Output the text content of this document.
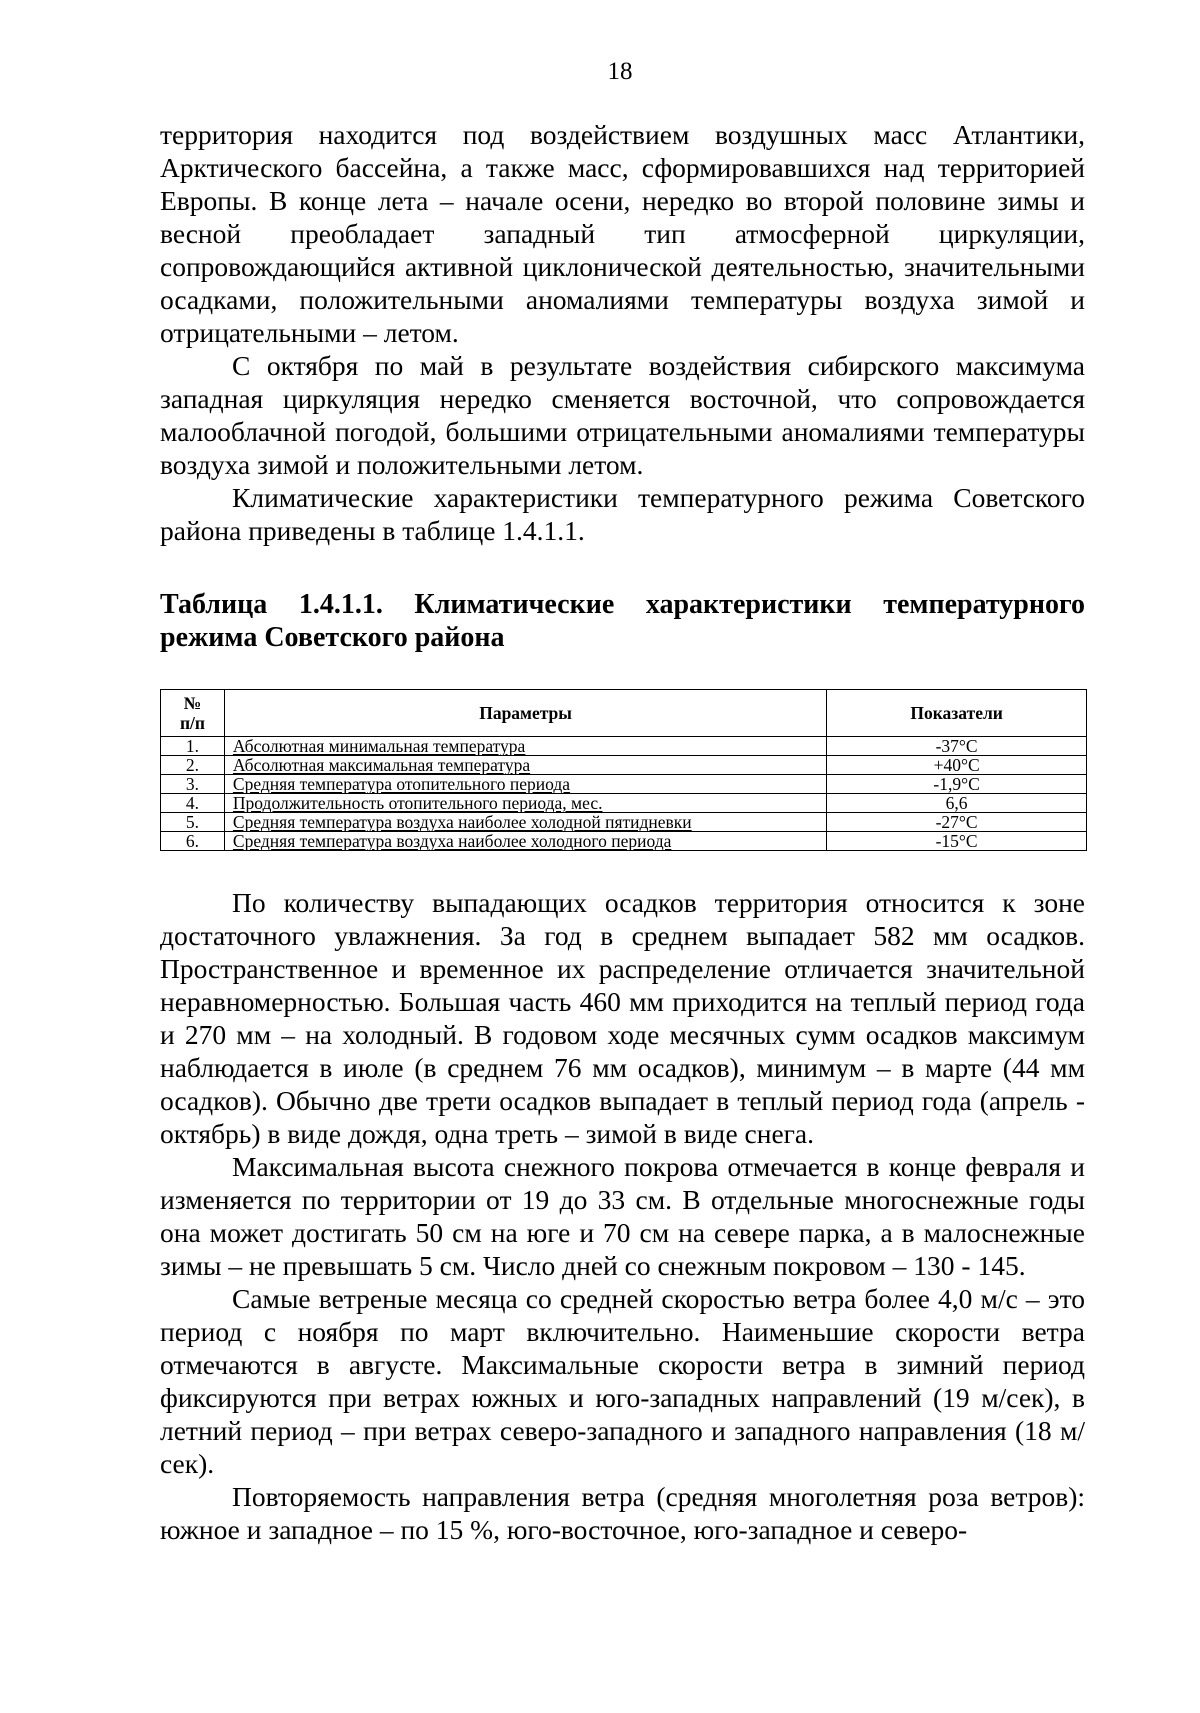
18

территория находится под воздействием воздушных масс Атлантики, Арктического бассейна, а также масс, сформировавшихся над территорией Европы. В конце лета – начале осени, нередко во второй половине зимы и весной преобладает западный тип атмосферной циркуляции, сопровождающийся активной циклонической деятельностью, значительными осадками, положительными аномалиями температуры воздуха зимой и отрицательными – летом.

С октября по май в результате воздействия сибирского максимума западная циркуляция нередко сменяется восточной, что сопровождается малооблачной погодой, большими отрицательными аномалиями температуры воздуха зимой и положительными летом.

Климатические характеристики температурного режима Советского района приведены в таблице 1.4.1.1.

Таблица 1.4.1.1. Климатические характеристики температурного режима Советского района
№
п/п	Параметры	Показатели
1.	Абсолютная минимальная температура	-37°С
2.	Абсолютная максимальная температура	+40°С
3.	Средняя температура отопительного периода	-1,9°С
4.	Продолжительность отопительного периода, мес.	6,6
5.	Средняя температура воздуха наиболее холодной пятидневки	-27°С
6.	Средняя температура воздуха наиболее холодного периода	-15°С

По количеству выпадающих осадков территория относится к зоне достаточного увлажнения. За год в среднем выпадает 582 мм осадков. Пространственное и временное их распределение отличается значительной неравномерностью. Большая часть 460 мм приходится на теплый период года и 270 мм – на холодный. В годовом ходе месячных сумм осадков максимум наблюдается в июле (в среднем 76 мм осадков), минимум – в марте (44 мм осадков). Обычно две трети осадков выпадает в теплый период года (апрель - октябрь) в виде дождя, одна треть – зимой в виде снега.

Максимальная высота снежного покрова отмечается в конце февраля и изменяется по территории от 19 до 33 см. В отдельные многоснежные годы она может достигать 50 см на юге и 70 см на севере парка, а в малоснежные зимы – не превышать 5 см. Число дней со снежным покровом – 130 - 145.

Самые ветреные месяца со средней скоростью ветра более 4,0 м/с – это период с ноября по март включительно. Наименьшие скорости ветра отмечаются в августе. Максимальные скорости ветра в зимний период фиксируются при ветрах южных и юго-западных направлений (19 м/сек), в летний период – при ветрах северо-западного и западного направления (18 м/сек).

Повторяемость направления ветра (средняя многолетняя роза ветров): южное и западное – по 15 %, юго-восточное, юго-западное и северо-
